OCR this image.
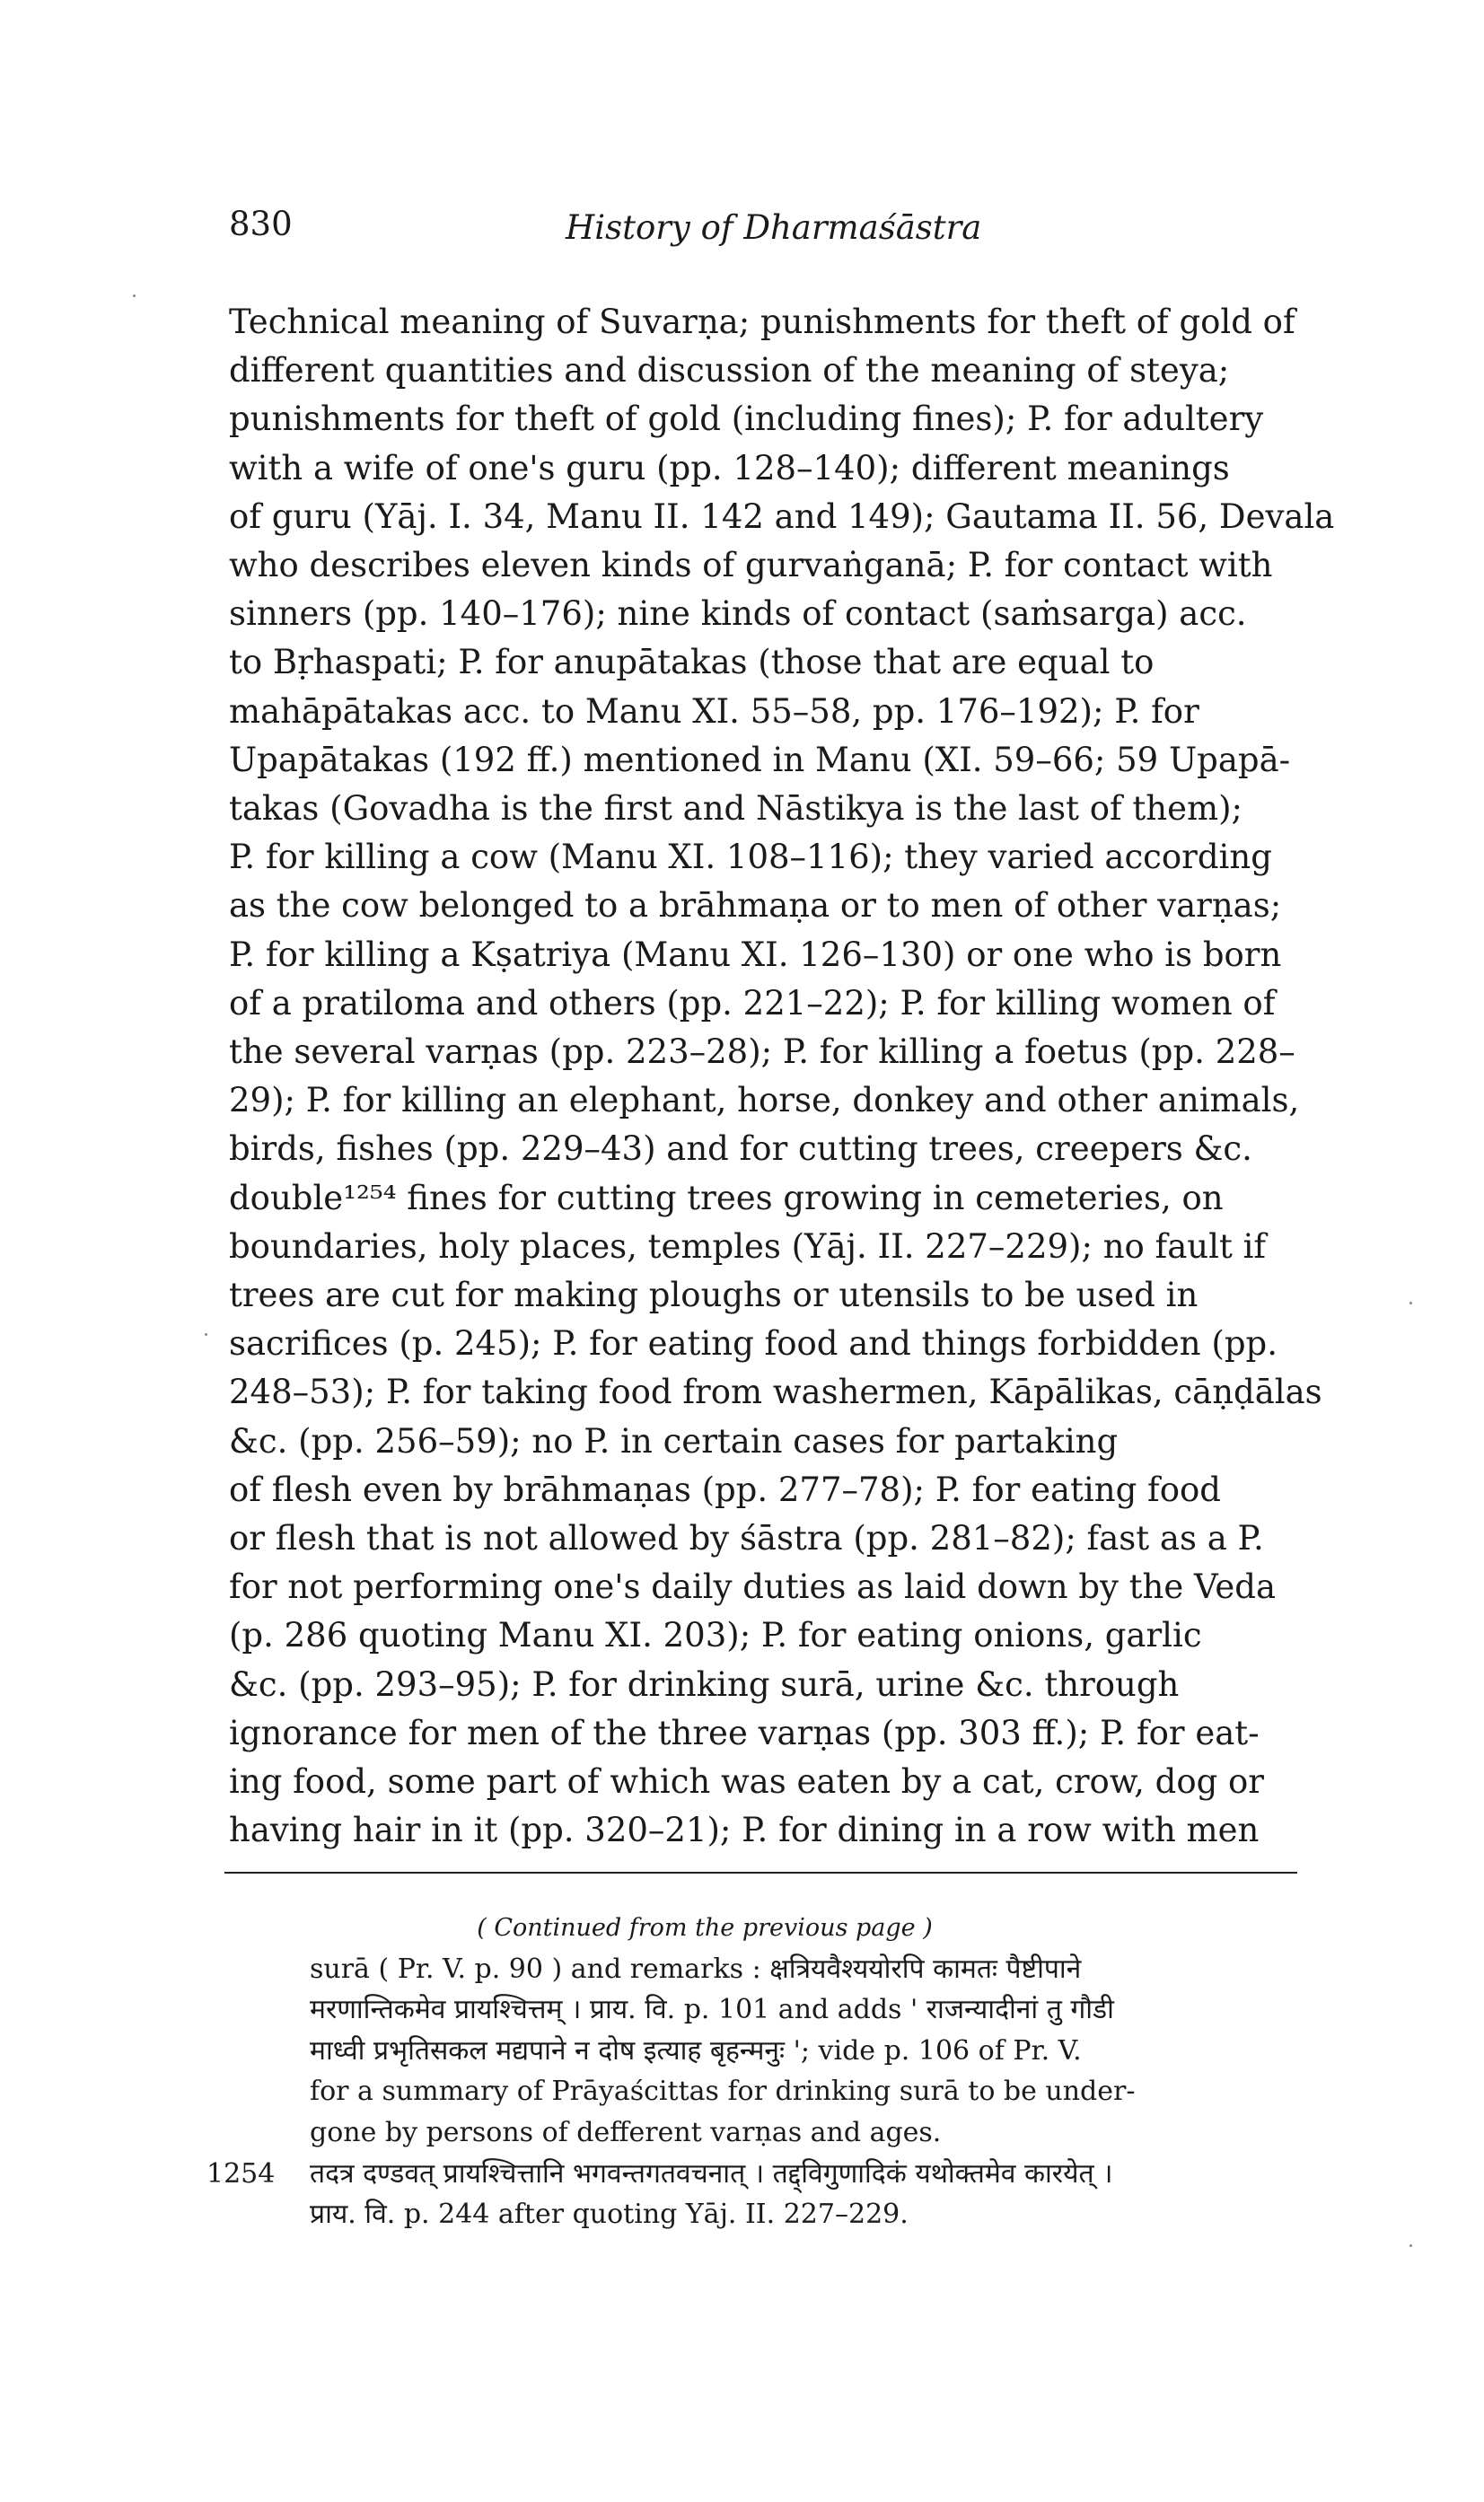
830	History of Dharmaśāstra
Technical meaning of Suvarṇa; punishments for theft of gold of
different quantities and discussion of the meaning of steya;
punishments for theft of gold (including fines); P. for adultery
with a wife of one's guru (pp. 128–140); different meanings
of guru (Yāj. I. 34, Manu II. 142 and 149); Gautama II. 56, Devala
who describes eleven kinds of gurvaṅganā; P. for contact with
sinners (pp. 140–176); nine kinds of contact (saṁsarga) acc.
to Bṛhaspati; P. for anupātakas (those that are equal to
mahāpātakas acc. to Manu XI. 55–58, pp. 176–192); P. for
Upapātakas (192 ff.) mentioned in Manu (XI. 59–66; 59 Upapā-
takas (Govadha is the first and Nāstikya is the last of them);
P. for killing a cow (Manu XI. 108–116); they varied according
as the cow belonged to a brāhmaṇa or to men of other varṇas;
P. for killing a Kṣatriya (Manu XI. 126–130) or one who is born
of a pratiloma and others (pp. 221–22); P. for killing women of
the several varṇas (pp. 223–28); P. for killing a foetus (pp. 228–
29); P. for killing an elephant, horse, donkey and other animals,
birds, fishes (pp. 229–43) and for cutting trees, creepers &c.
double¹²⁵⁴ fines for cutting trees growing in cemeteries, on
boundaries, holy places, temples (Yāj. II. 227–229); no fault if
trees are cut for making ploughs or utensils to be used in
sacrifices (p. 245); P. for eating food and things forbidden (pp.
248–53); P. for taking food from washermen, Kāpālikas, cāṇḍālas
&c. (pp. 256–59); no P. in certain cases for partaking
of flesh even by brāhmaṇas (pp. 277–78); P. for eating food
or flesh that is not allowed by śāstra (pp. 281–82); fast as a P.
for not performing one's daily duties as laid down by the Veda
(p. 286 quoting Manu XI. 203); P. for eating onions, garlic
&c. (pp. 293–95); P. for drinking surā, urine &c. through
ignorance for men of the three varṇas (pp. 303 ff.); P. for eat-
ing food, some part of which was eaten by a cat, crow, dog or
having hair in it (pp. 320–21); P. for dining in a row with men
( Continued from the previous page )
surā ( Pr. V. p. 90 ) and remarks : क्षत्रियवैश्ययोरपि कामतः पैष्टीपाने
मरणान्तिकमेव प्रायश्चित्तम् । प्राय. वि. p. 101 and adds ' राजन्यादीनां तु गौडी
माध्वी प्रभृतिसकल मद्यपाने न दोष इत्याह बृहन्मनुः '; vide p. 106 of Pr. V.
for a summary of Prāyaścittas for drinking surā to be under-
gone by persons of defferent varṇas and ages.
1254	तदत्र दण्डवत् प्रायश्चित्तानि भगवन्तगतवचनात् । तद्द्विगुणादिकं यथोक्तमेव कारयेत् ।
प्राय. वि. p. 244 after quoting Yāj. II. 227–229.
